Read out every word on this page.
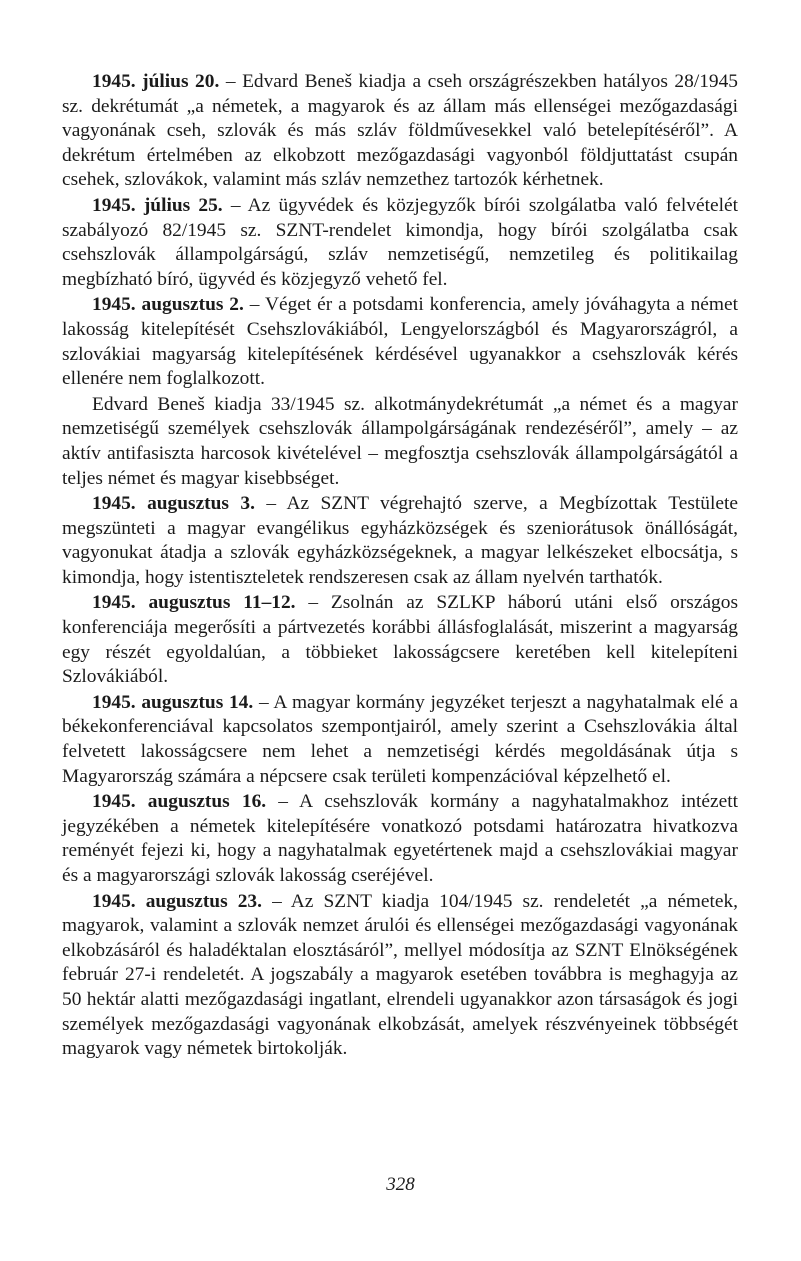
1945. július 20. – Edvard Beneš kiadja a cseh országrészekben hatályos 28/1945 sz. dekrétumát „a németek, a magyarok és az állam más ellenségei mezőgazdasági vagyonának cseh, szlovák és más szláv földművesekkel való betelepítéséről”. A dekrétum értelmében az elkobzott mezőgazdasági vagyonból földjuttatást csupán csehek, szlovákok, valamint más szláv nemzethez tartozók kérhetnek.

1945. július 25. – Az ügyvédek és közjegyzők bírói szolgálatba való felvételét szabályozó 82/1945 sz. SZNT-rendelet kimondja, hogy bírói szolgálatba csak csehszlovák állampolgárságú, szláv nemzetiségű, nemzetileg és politikailag megbízható bíró, ügyvéd és közjegyző vehető fel.

1945. augusztus 2. – Véget ér a potsdami konferencia, amely jóváhagyta a német lakosság kitelepítését Csehszlovákiából, Lengyelországból és Magyarországról, a szlovákiai magyarság kitelepítésének kérdésével ugyanakkor a csehszlovák kérés ellenére nem foglalkozott.

Edvard Beneš kiadja 33/1945 sz. alkotmánydekrétumát „a német és a magyar nemzetiségű személyek csehszlovák állampolgárságának rendezéséről”, amely – az aktív antifasiszta harcosok kivételével – megfosztja csehszlovák állampolgárságától a teljes német és magyar kisebbséget.

1945. augusztus 3. – Az SZNT végrehajtó szerve, a Megbízottak Testülete megszünteti a magyar evangélikus egyházközségek és szeniorátusok önállóságát, vagyonukat átadja a szlovák egyházközségeknek, a magyar lelkészeket elbocsátja, s kimondja, hogy istentiszteletek rendszeresen csak az állam nyelvén tarthatók.

1945. augusztus 11–12. – Zsolnán az SZLKP háború utáni első országos konferenciája megerősíti a pártvezetés korábbi állásfoglalását, miszerint a magyarság egy részét egyoldalúan, a többieket lakosságcsere keretében kell kitelepíteni Szlovákiából.

1945. augusztus 14. – A magyar kormány jegyzéket terjeszt a nagyhatalmak elé a békekonferenciával kapcsolatos szempontjairól, amely szerint a Csehszlovákia által felvetett lakosságcsere nem lehet a nemzetiségi kérdés megoldásának útja s Magyarország számára a népcsere csak területi kompenzációval képzelhető el.

1945. augusztus 16. – A csehszlovák kormány a nagyhatalmakhoz intézett jegyzékében a németek kitelepítésére vonatkozó potsdami határozatra hivatkozva reményét fejezi ki, hogy a nagyhatalmak egyetértenek majd a csehszlovákiai magyar és a magyarországi szlovák lakosság cseréjével.

1945. augusztus 23. – Az SZNT kiadja 104/1945 sz. rendeletét „a németek, magyarok, valamint a szlovák nemzet árulói és ellenségei mezőgazdasági vagyonának elkobzásáról és haladéktalan elosztásáról”, mellyel módosítja az SZNT Elnökségének február 27-i rendeletét. A jogszabály a magyarok esetében továbbra is meghagyja az 50 hektár alatti mezőgazdasági ingatlant, elrendeli ugyanakkor azon társaságok és jogi személyek mezőgazdasági vagyonának elkobzását, amelyek részvényeinek többségét magyarok vagy németek birtokolják.

328
